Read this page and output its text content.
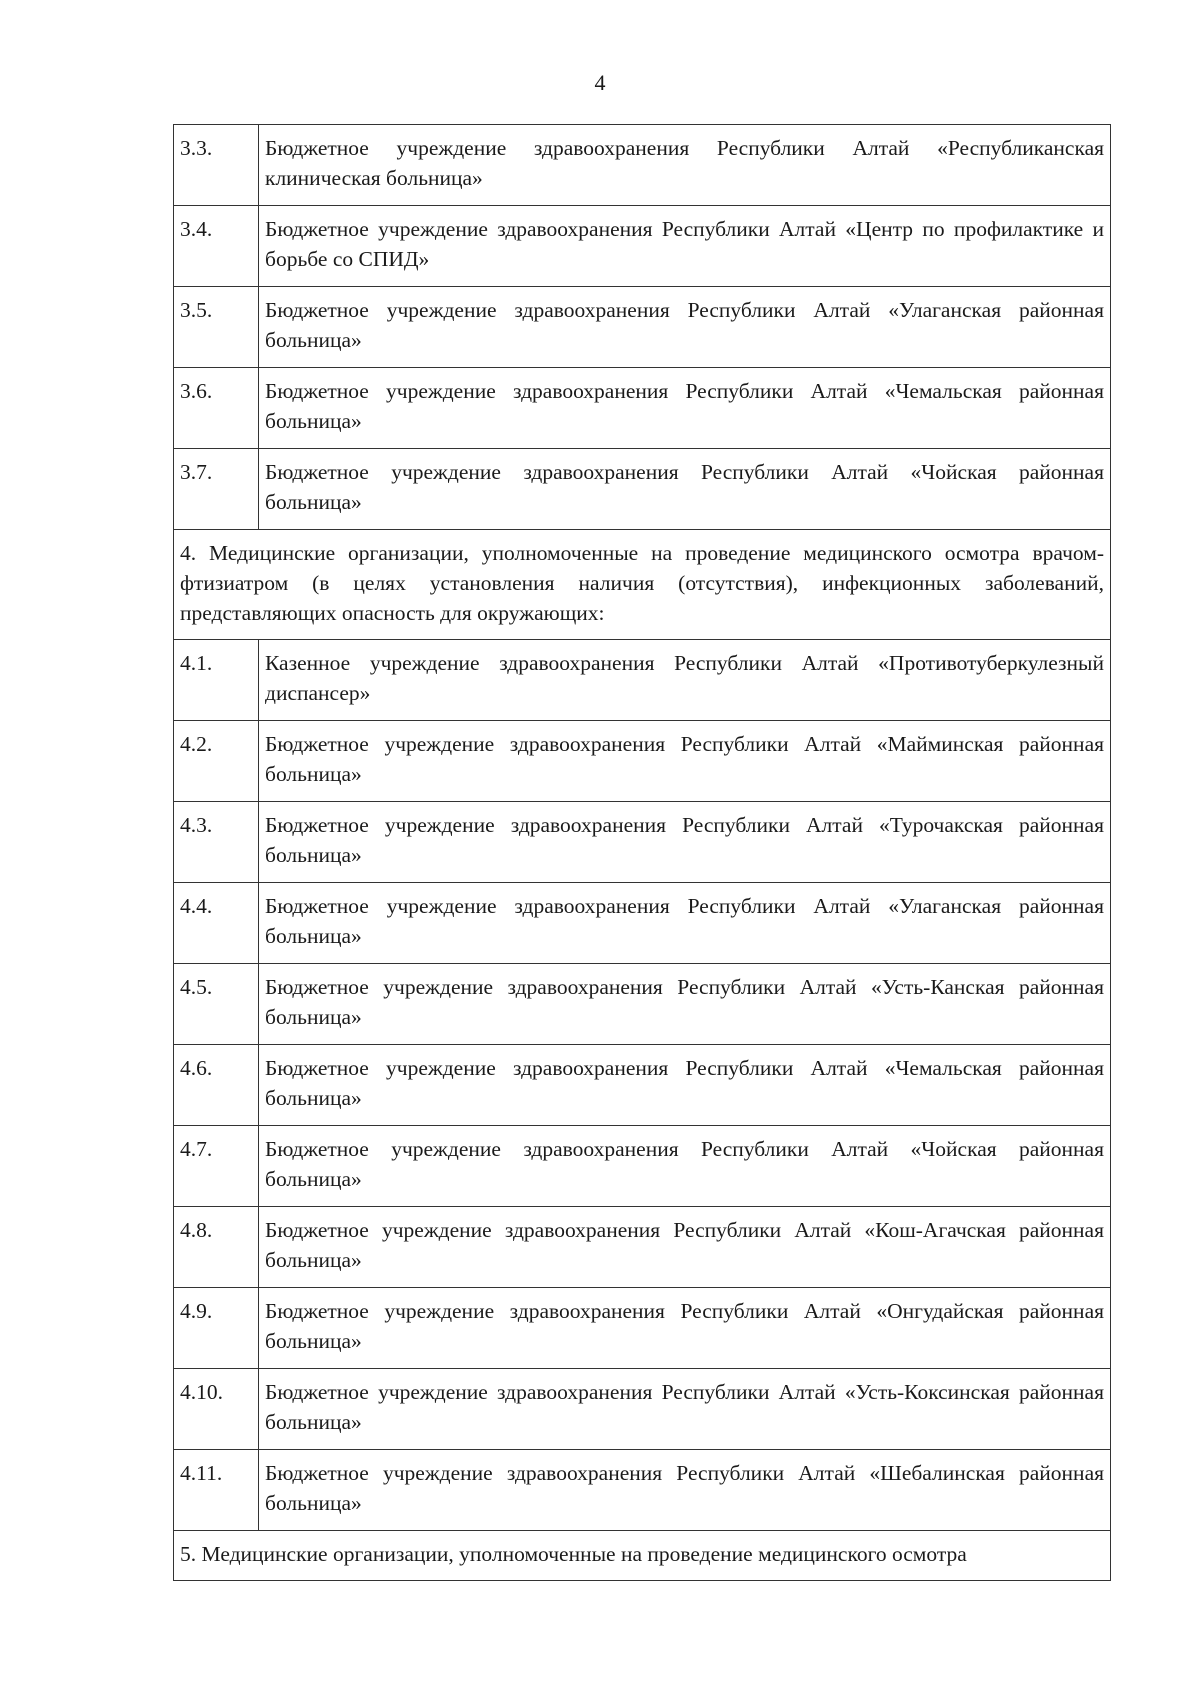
4
3.3.	Бюджетное учреждение здравоохранения Республики Алтай «Республиканская клиническая больница»
3.4.	Бюджетное учреждение здравоохранения Республики Алтай «Центр по профилактике и борьбе со СПИД»
3.5.	Бюджетное учреждение здравоохранения Республики Алтай «Улаганская районная больница»
3.6.	Бюджетное учреждение здравоохранения Республики Алтай «Чемальская районная больница»
3.7.	Бюджетное учреждение здравоохранения Республики Алтай «Чойская районная больница»
4. Медицинские организации, уполномоченные на проведение медицинского осмотра врачом-фтизиатром (в целях установления наличия (отсутствия), инфекционных заболеваний, представляющих опасность для окружающих:	
4.1.	Казенное учреждение здравоохранения Республики Алтай «Противотуберкулезный диспансер»
4.2.	Бюджетное учреждение здравоохранения Республики Алтай «Майминская районная больница»
4.3.	Бюджетное учреждение здравоохранения Республики Алтай «Турочакская районная больница»
4.4.	Бюджетное учреждение здравоохранения Республики Алтай «Улаганская районная больница»
4.5.	Бюджетное учреждение здравоохранения Республики Алтай «Усть-Канская районная больница»
4.6.	Бюджетное учреждение здравоохранения Республики Алтай «Чемальская районная больница»
4.7.	Бюджетное учреждение здравоохранения Республики Алтай «Чойская районная больница»
4.8.	Бюджетное учреждение здравоохранения Республики Алтай «Кош-Агачская районная больница»
4.9.	Бюджетное учреждение здравоохранения Республики Алтай «Онгудайская районная больница»
4.10.	Бюджетное учреждение здравоохранения Республики Алтай «Усть-Коксинская районная больница»
4.11.	Бюджетное учреждение здравоохранения Республики Алтай «Шебалинская районная больница»
5. Медицинские организации, уполномоченные на проведение медицинского осмотра	
